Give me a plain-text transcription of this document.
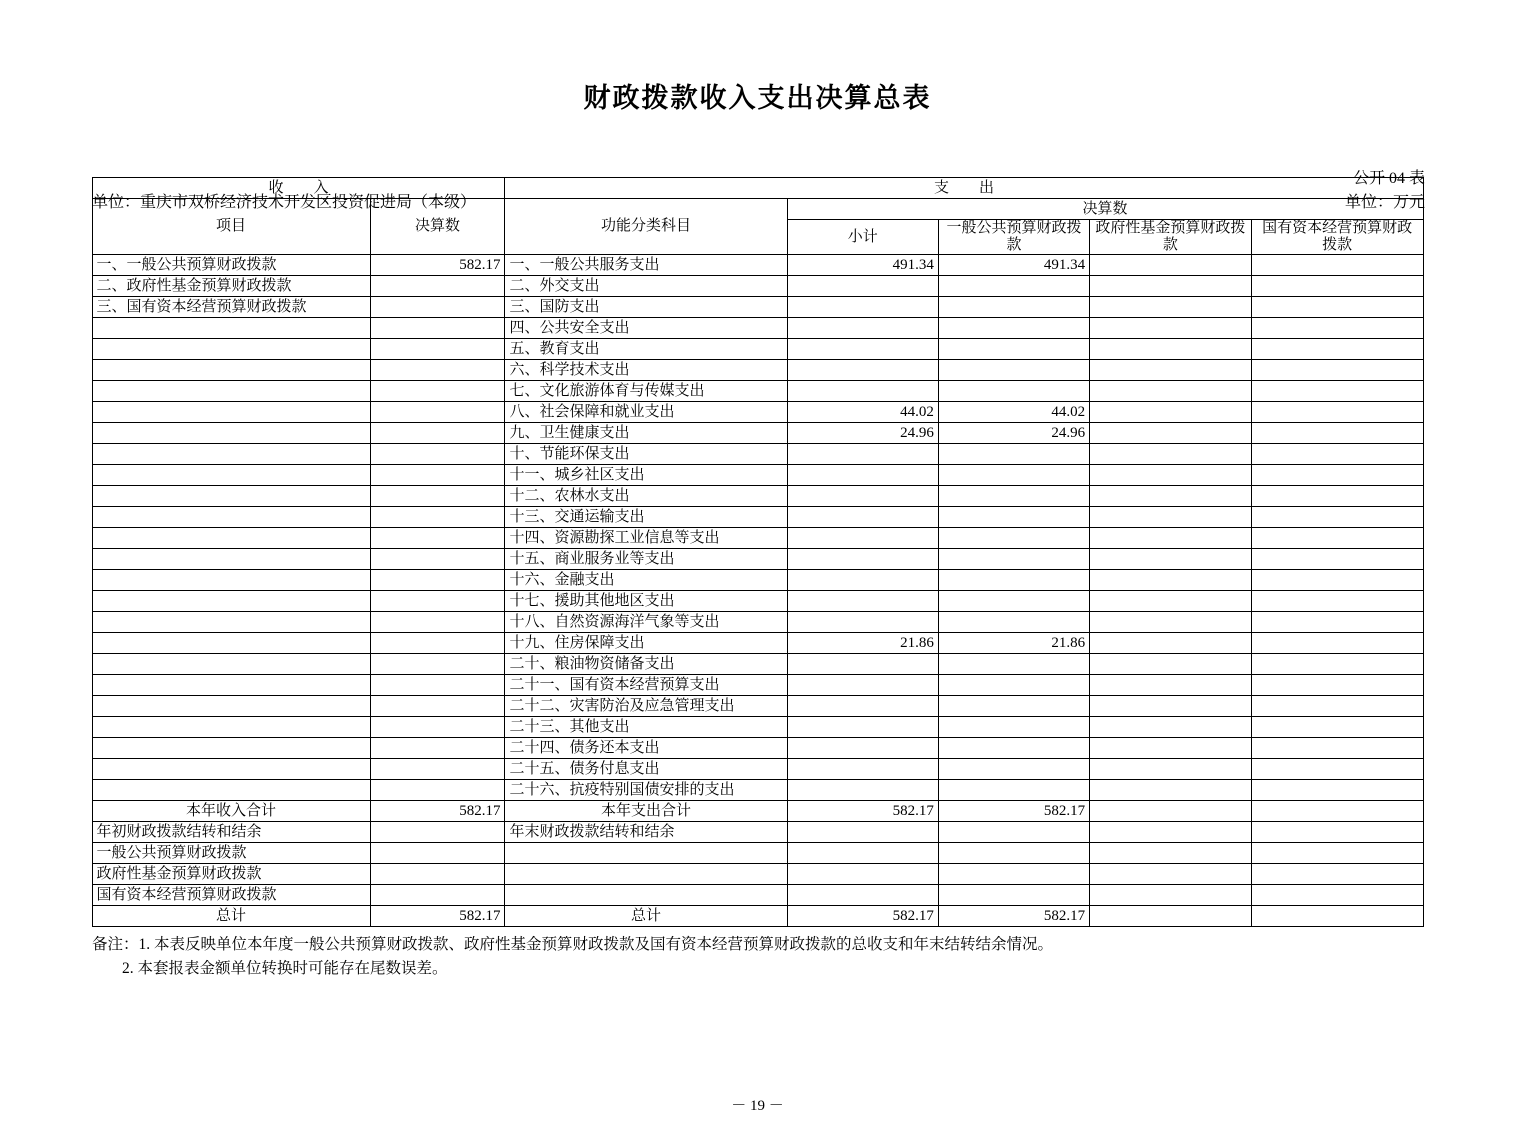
财政拨款收入支出决算总表
公开 04 表
单位：重庆市双桥经济技术开发区投资促进局（本级）	单位：万元
收　　入		支　　出				
项目	决算数	功能分类科目	决算数			
			小计	一般公共预算财政拨款	政府性基金预算财政拨款	国有资本经营预算财政拨款
一、一般公共预算财政拨款	582.17	一、一般公共服务支出	491.34	491.34		
二、政府性基金预算财政拨款		二、外交支出				
三、国有资本经营预算财政拨款		三、国防支出				
		四、公共安全支出				
		五、教育支出				
		六、科学技术支出				
		七、文化旅游体育与传媒支出				
		八、社会保障和就业支出	44.02	44.02		
		九、卫生健康支出	24.96	24.96		
		十、节能环保支出				
		十一、城乡社区支出				
		十二、农林水支出				
		十三、交通运输支出				
		十四、资源勘探工业信息等支出				
		十五、商业服务业等支出				
		十六、金融支出				
		十七、援助其他地区支出				
		十八、自然资源海洋气象等支出				
		十九、住房保障支出	21.86	21.86		
		二十、粮油物资储备支出				
		二十一、国有资本经营预算支出				
		二十二、灾害防治及应急管理支出				
		二十三、其他支出				
		二十四、债务还本支出				
		二十五、债务付息支出				
		二十六、抗疫特别国债安排的支出				
本年收入合计	582.17	本年支出合计	582.17	582.17		
年初财政拨款结转和结余		年末财政拨款结转和结余				
一般公共预算财政拨款						
政府性基金预算财政拨款						
国有资本经营预算财政拨款						
总计	582.17	总计	582.17	582.17		
备注：1. 本表反映单位本年度一般公共预算财政拨款、政府性基金预算财政拨款及国有资本经营预算财政拨款的总收支和年末结转结余情况。
2. 本套报表金额单位转换时可能存在尾数误差。
－ 19 －
